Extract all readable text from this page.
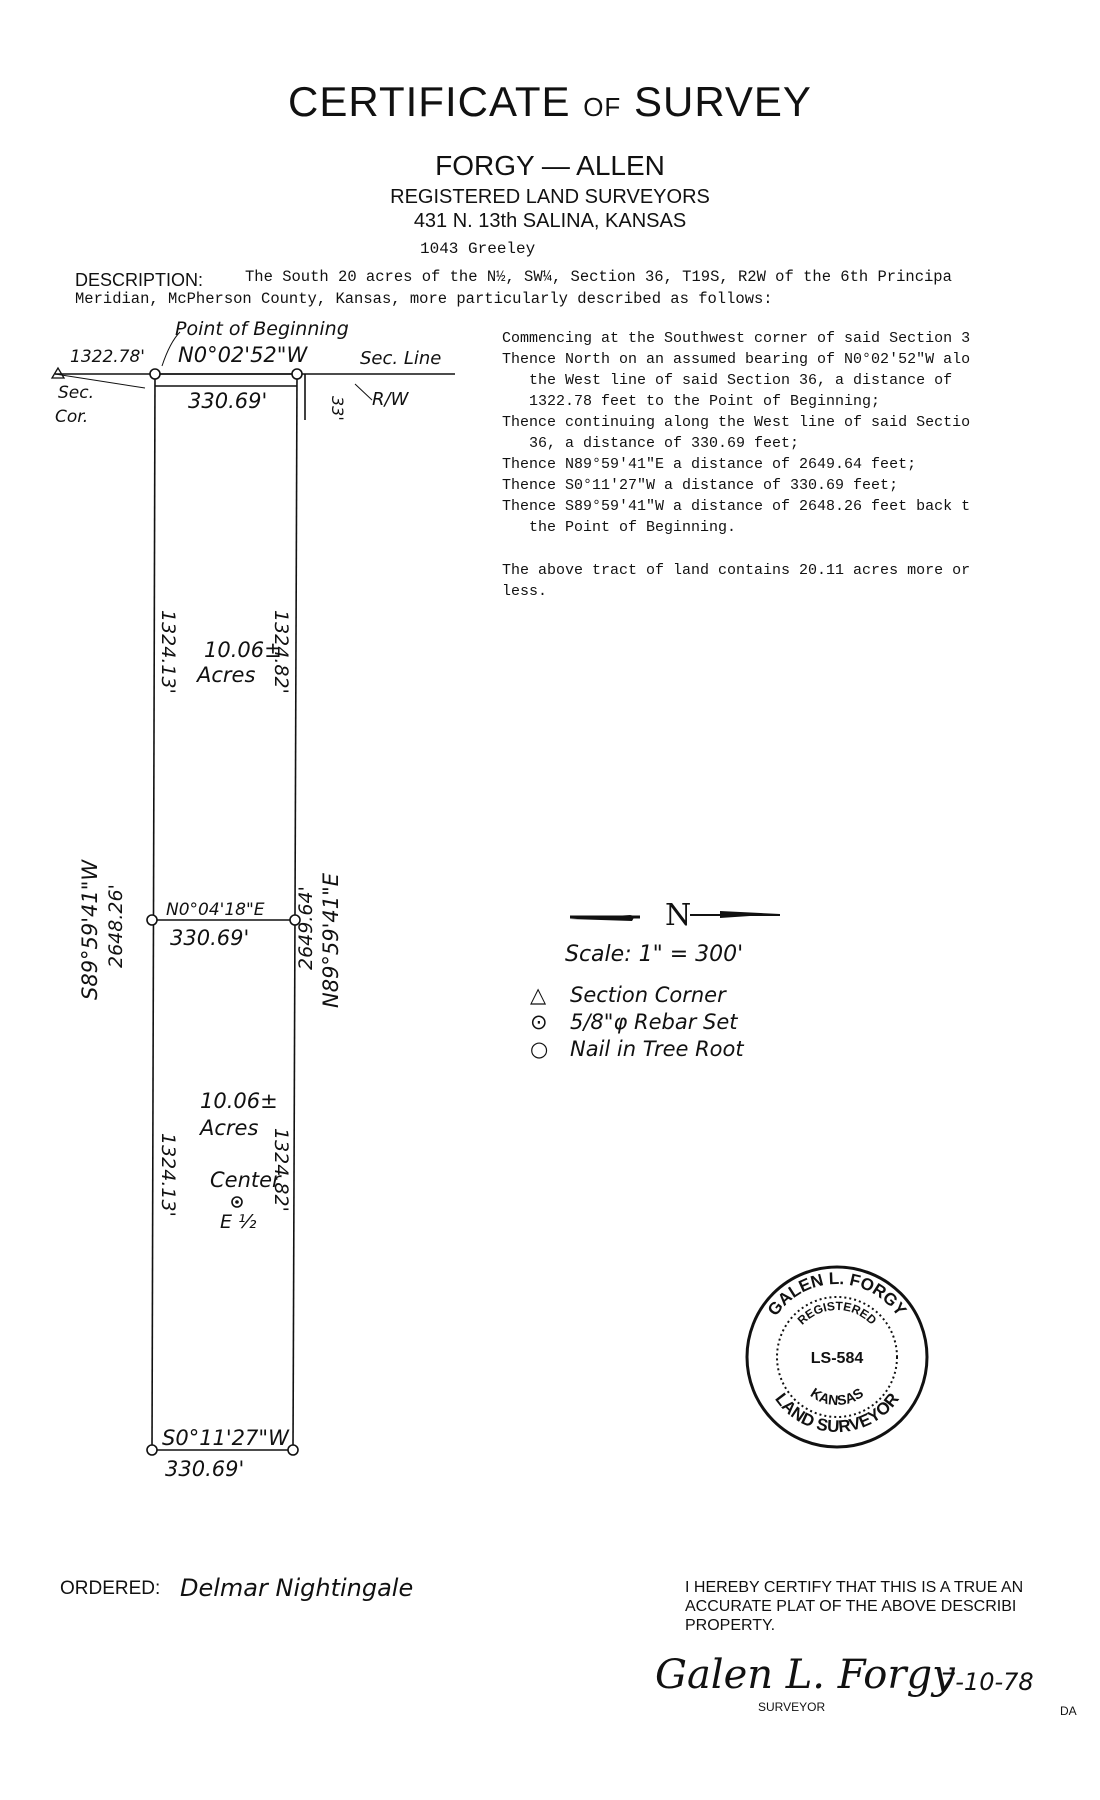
CERTIFICATE OF SURVEY
FORGY — ALLEN
REGISTERED LAND SURVEYORS
431 N. 13th SALINA, KANSAS
1043 Greeley
DESCRIPTION:	The South 20 acres of the N½, SW¼, Section 36, T19S, R2W of the 6th Principa
Meridian, McPherson County, Kansas, more particularly described as follows:
Commencing at the Southwest corner of said Section 3
Thence North on an assumed bearing of N0°02'52"W alo
the West line of said Section 36, a distance of
1322.78 feet to the Point of Beginning;
Thence continuing along the West line of said Sectio
36, a distance of 330.69 feet;
Thence N89°59'41"E a distance of 2649.64 feet;
Thence S0°11'27"W a distance of 330.69 feet;
Thence S89°59'41"W a distance of 2648.26 feet back t
the Point of Beginning.
The above tract of land contains 20.11 acres more or
less.
Point of Beginning
1322.78' N0°02'52"W	Sec. Line
Sec.
Cor.
330.69'	33' R/W
1324.13'	1324.82'
10.06±
Acres
N0°04'18"E
330.69'
S89°59'41"W 2648.26'	2649.64' N89°59'41"E
10.06±
Acres
1324.13'	1324.82'
Center
E ½
S0°11'27"W
330.69'
N
Scale: 1" = 300'
△ Section Corner
⊙ 5/8"φ Rebar Set
○ Nail in Tree Root
GALEN L. FORGY
LAND SURVEYOR
REGISTERED
KANSAS
LS-584
ORDERED: Delmar Nightingale	I HEREBY CERTIFY THAT THIS IS A TRUE AN ACCURATE PLAT OF THE ABOVE DESCRIBI PROPERTY.
Galen L. Forgy
7-10-78
SURVEYOR	DA
